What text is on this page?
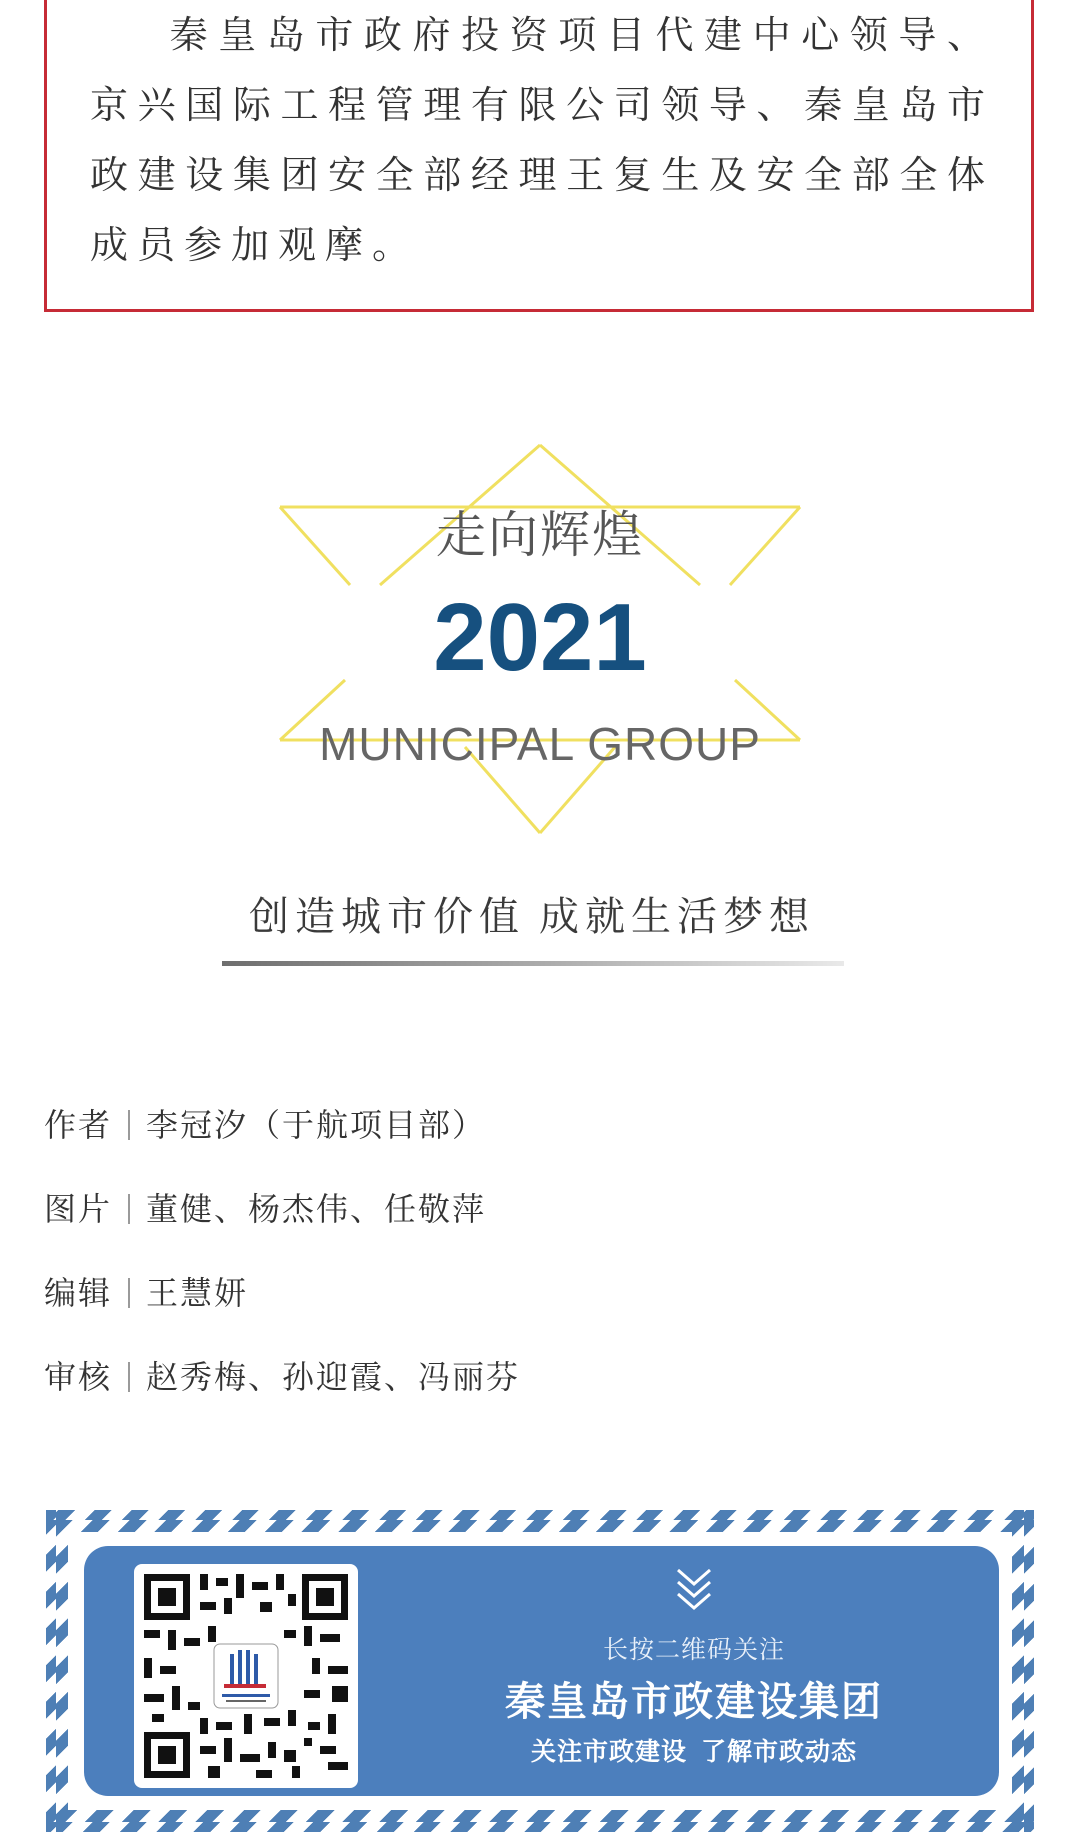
秦皇岛市政府投资项目代建中心领导、京兴国际工程管理有限公司领导、秦皇岛市政建设集团安全部经理王复生及安全部全体成员参加观摩。
走向辉煌
2021
MUNICIPAL GROUP
创造城市价值 成就生活梦想
作者 李冠汐（于航项目部）
图片 董健、杨杰伟、任敬萍
编辑 王慧妍
审核 赵秀梅、孙迎霞、冯丽芬
长按二维码关注
秦皇岛市政建设集团
关注市政建设 了解市政动态
